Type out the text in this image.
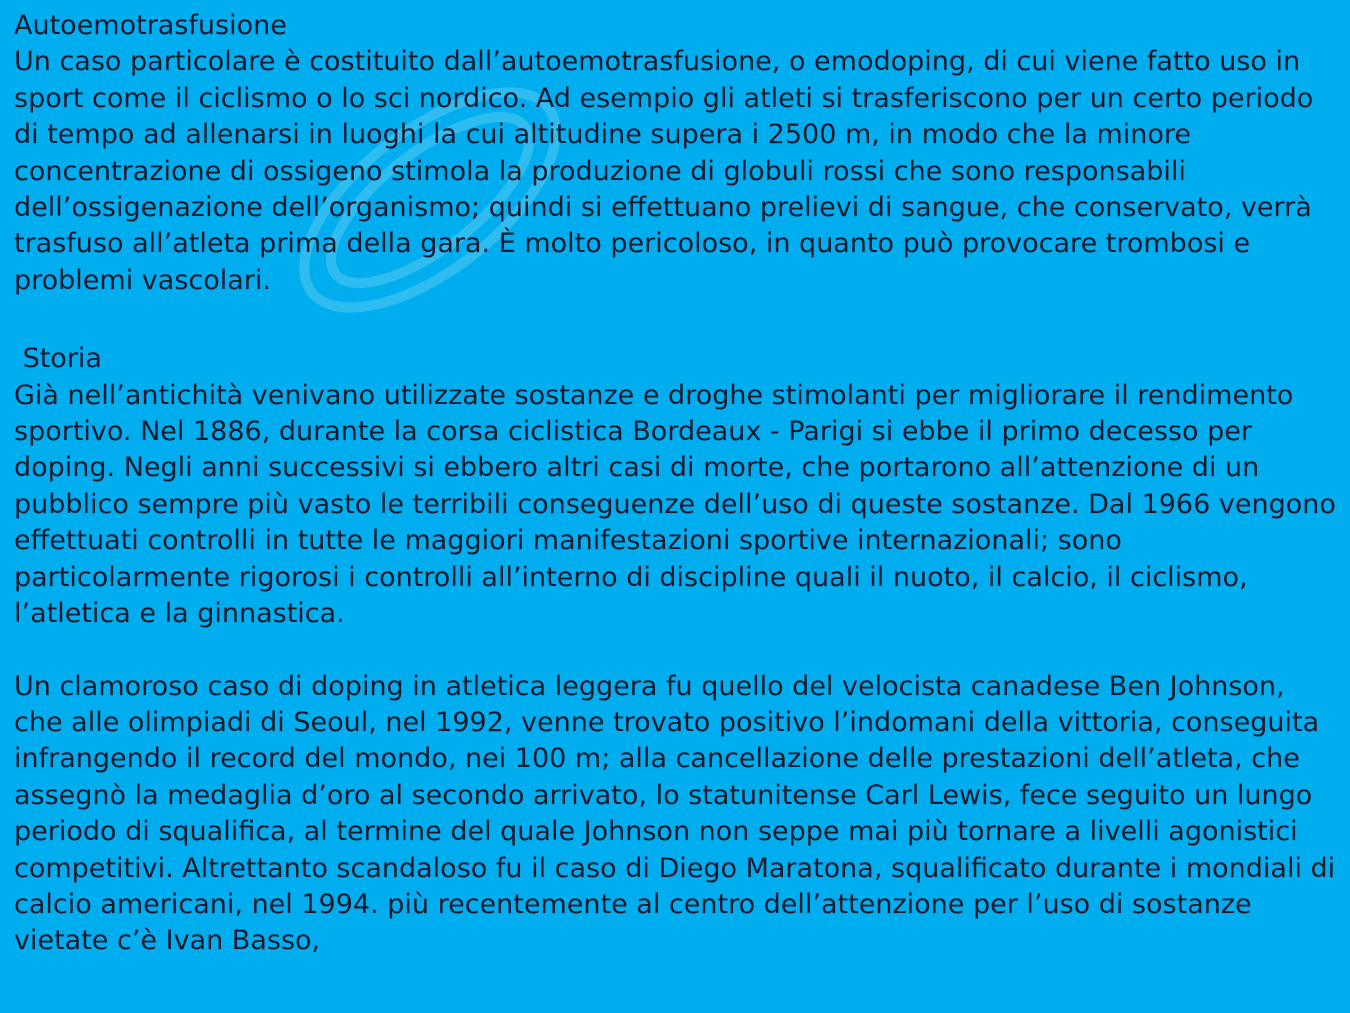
Autoemotrasfusione

Un caso particolare è costituito dall’autoemotrasfusione, o emodoping, di cui viene fatto uso in sport come il ciclismo o lo sci nordico. Ad esempio gli atleti si trasferiscono per un certo periodo di tempo ad allenarsi in luoghi la cui altitudine supera i 2500 m, in modo che la minore concentrazione di ossigeno stimola la produzione di globuli rossi che sono responsabili dell’ossigenazione dell’organismo; quindi si effettuano prelievi di sangue, che conservato, verrà trasfuso all’atleta prima della gara. È molto pericoloso, in quanto può provocare trombosi e problemi vascolari.

Storia

Già nell’antichità venivano utilizzate sostanze e droghe stimolanti per migliorare il rendimento sportivo. Nel 1886, durante la corsa ciclistica Bordeaux - Parigi si ebbe il primo decesso per doping. Negli anni successivi si ebbero altri casi di morte, che portarono all’attenzione di un pubblico sempre più vasto le terribili conseguenze dell’uso di queste sostanze. Dal 1966 vengono effettuati controlli in tutte le maggiori manifestazioni sportive internazionali; sono particolarmente rigorosi i controlli all’interno di discipline quali il nuoto, il calcio, il ciclismo, l’atletica e la ginnastica.

Un clamoroso caso di doping in atletica leggera fu quello del velocista canadese Ben Johnson, che alle olimpiadi di Seoul, nel 1992, venne trovato positivo l’indomani della vittoria, conseguita infrangendo il record del mondo, nei 100 m; alla cancellazione delle prestazioni dell’atleta, che assegnò la medaglia d’oro al secondo arrivato, lo statunitense Carl Lewis, fece seguito un lungo periodo di squalifica, al termine del quale Johnson non seppe mai più tornare a livelli agonistici competitivi. Altrettanto scandaloso fu il caso di Diego Maratona, squalificato durante i mondiali di calcio americani, nel 1994. più recentemente al centro dell’attenzione per l’uso di sostanze vietate c’è Ivan Basso,
